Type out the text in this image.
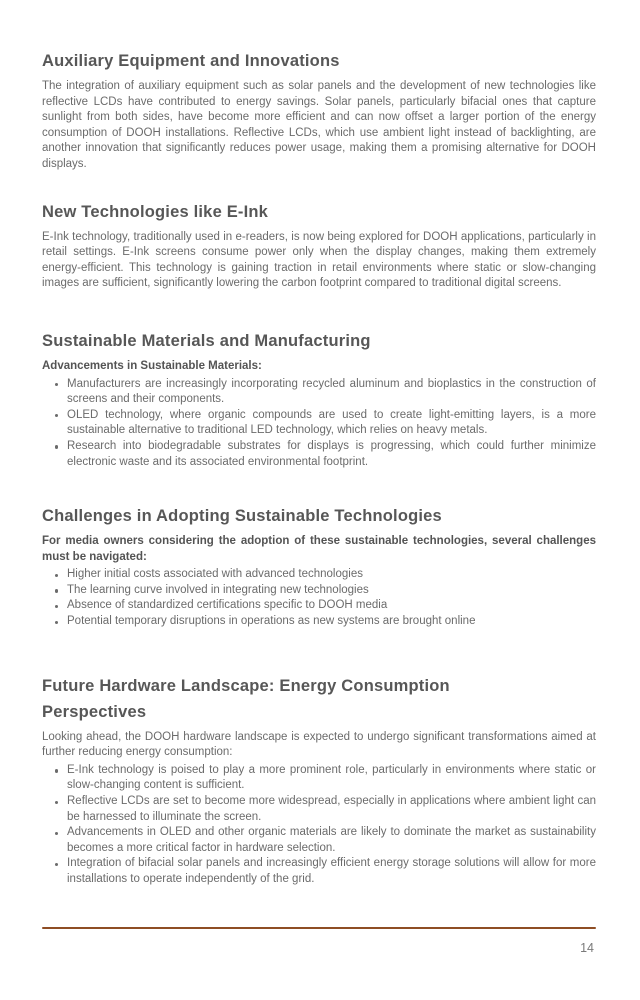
Auxiliary Equipment and Innovations

The integration of auxiliary equipment such as solar panels and the development of new technologies like reflective LCDs have contributed to energy savings. Solar panels, particularly bifacial ones that capture sunlight from both sides, have become more efficient and can now offset a larger portion of the energy consumption of DOOH installations. Reflective LCDs, which use ambient light instead of backlighting, are another innovation that significantly reduces power usage, making them a promising alternative for DOOH displays.

New Technologies like E-Ink

E-Ink technology, traditionally used in e-readers, is now being explored for DOOH applications, particularly in retail settings. E-Ink screens consume power only when the display changes, making them extremely energy-efficient. This technology is gaining traction in retail environments where static or slow-changing images are sufficient, significantly lowering the carbon footprint compared to traditional digital screens.

Sustainable Materials and Manufacturing

Advancements in Sustainable Materials:

Manufacturers are increasingly incorporating recycled aluminum and bioplastics in the construction of screens and their components.
OLED technology, where organic compounds are used to create light-emitting layers, is a more sustainable alternative to traditional LED technology, which relies on heavy metals.
Research into biodegradable substrates for displays is progressing, which could further minimize electronic waste and its associated environmental footprint.
Challenges in Adopting Sustainable Technologies

For media owners considering the adoption of these sustainable technologies, several challenges must be navigated:

Higher initial costs associated with advanced technologies
The learning curve involved in integrating new technologies
Absence of standardized certifications specific to DOOH media
Potential temporary disruptions in operations as new systems are brought online
Future Hardware Landscape: Energy Consumption Perspectives

Looking ahead, the DOOH hardware landscape is expected to undergo significant transformations aimed at further reducing energy consumption:

E-Ink technology is poised to play a more prominent role, particularly in environments where static or slow-changing content is sufficient.
Reflective LCDs are set to become more widespread, especially in applications where ambient light can be harnessed to illuminate the screen.
Advancements in OLED and other organic materials are likely to dominate the market as sustainability becomes a more critical factor in hardware selection.
Integration of bifacial solar panels and increasingly efficient energy storage solutions will allow for more installations to operate independently of the grid.
14
